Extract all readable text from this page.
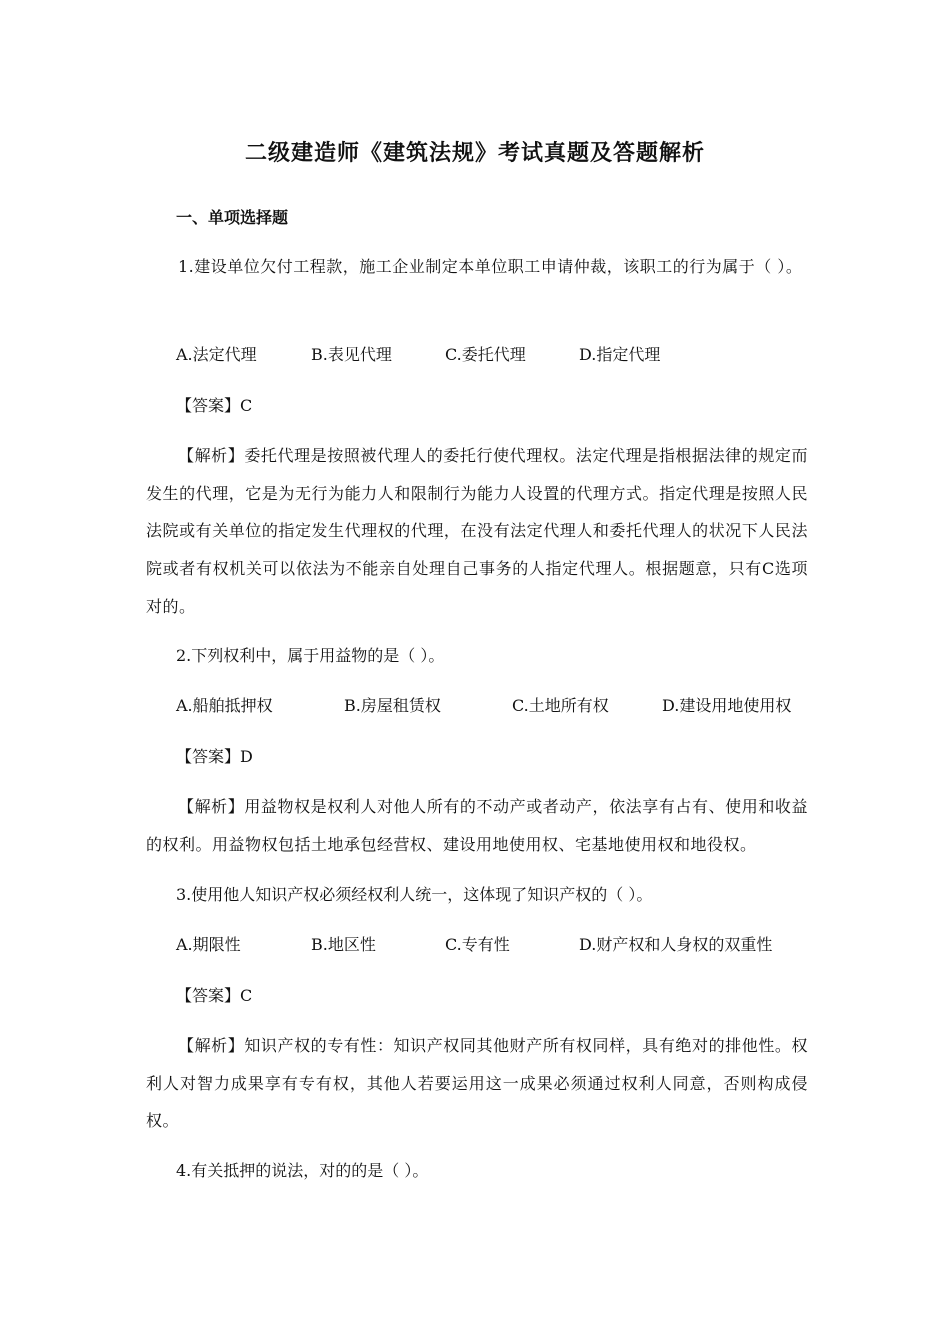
二级建造师《建筑法规》考试真题及答题解析
一、单项选择题
1.建设单位欠付工程款，施工企业制定本单位职工申请仲裁，该职工的行为属于（ ）。
A.法定代理	B.表见代理	C.委托代理	D.指定代理
【答案】C
【解析】委托代理是按照被代理人的委托行使代理权。法定代理是指根据法律的规定而发生的代理，它是为无行为能力人和限制行为能力人设置的代理方式。指定代理是按照人民法院或有关单位的指定发生代理权的代理，在没有法定代理人和委托代理人的状况下人民法院或者有权机关可以依法为不能亲自处理自己事务的人指定代理人。根据题意，只有C选项对的。
2.下列权利中，属于用益物的是（ ）。
A.船舶抵押权	B.房屋租赁权	C.土地所有权	D.建设用地使用权
【答案】D
【解析】用益物权是权利人对他人所有的不动产或者动产，依法享有占有、使用和收益的权利。用益物权包括土地承包经营权、建设用地使用权、宅基地使用权和地役权。
3.使用他人知识产权必须经权利人统一，这体现了知识产权的（ ）。
A.期限性	B.地区性	C.专有性	D.财产权和人身权的双重性
【答案】C
【解析】知识产权的专有性：知识产权同其他财产所有权同样，具有绝对的排他性。权利人对智力成果享有专有权，其他人若要运用这一成果必须通过权利人同意，否则构成侵权。
4.有关抵押的说法，对的的是（ ）。
